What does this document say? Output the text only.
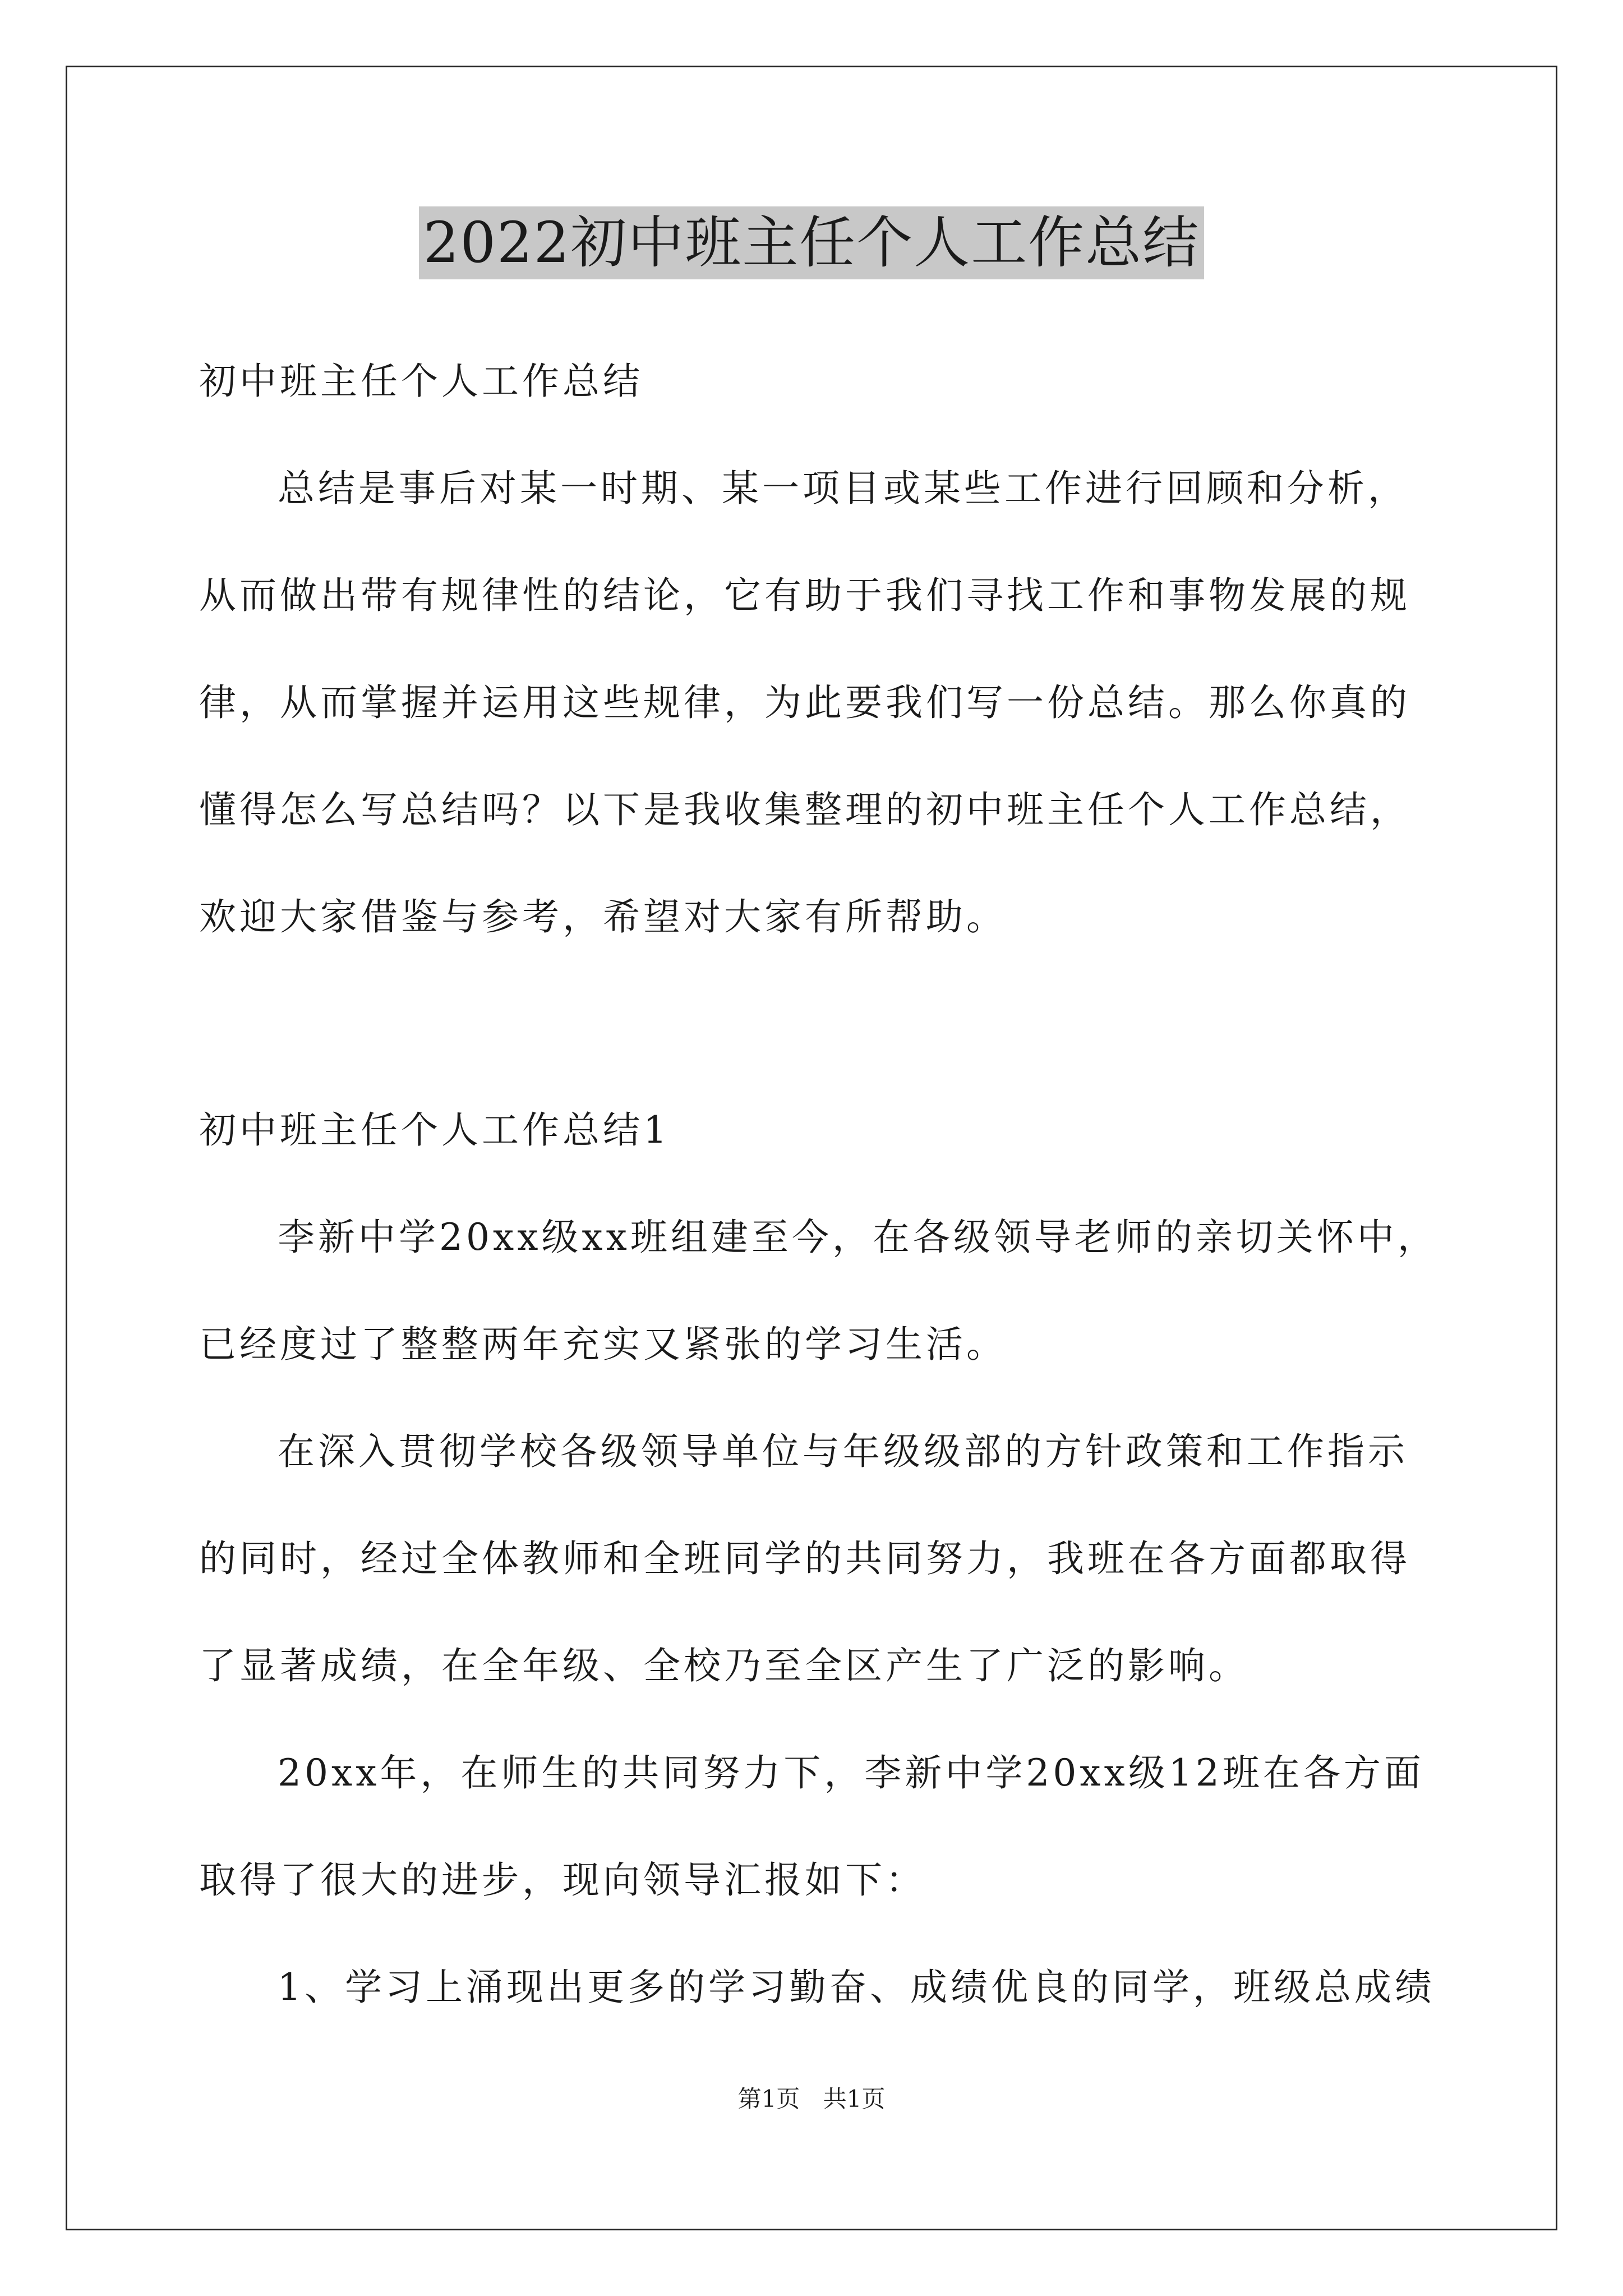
2022初中班主任个人工作总结
初中班主任个人工作总结
总结是事后对某一时期、某一项目或某些工作进行回顾和分析，
从而做出带有规律性的结论，它有助于我们寻找工作和事物发展的规
律，从而掌握并运用这些规律，为此要我们写一份总结。那么你真的
懂得怎么写总结吗？以下是我收集整理的初中班主任个人工作总结，
欢迎大家借鉴与参考，希望对大家有所帮助。
初中班主任个人工作总结1
李新中学20xx级xx班组建至今，在各级领导老师的亲切关怀中，
已经度过了整整两年充实又紧张的学习生活。
在深入贯彻学校各级领导单位与年级级部的方针政策和工作指示
的同时，经过全体教师和全班同学的共同努力，我班在各方面都取得
了显著成绩，在全年级、全校乃至全区产生了广泛的影响。
20xx年，在师生的共同努力下，李新中学20xx级12班在各方面
取得了很大的进步，现向领导汇报如下：
1、学习上涌现出更多的学习勤奋、成绩优良的同学，班级总成绩
第1页 共1页
